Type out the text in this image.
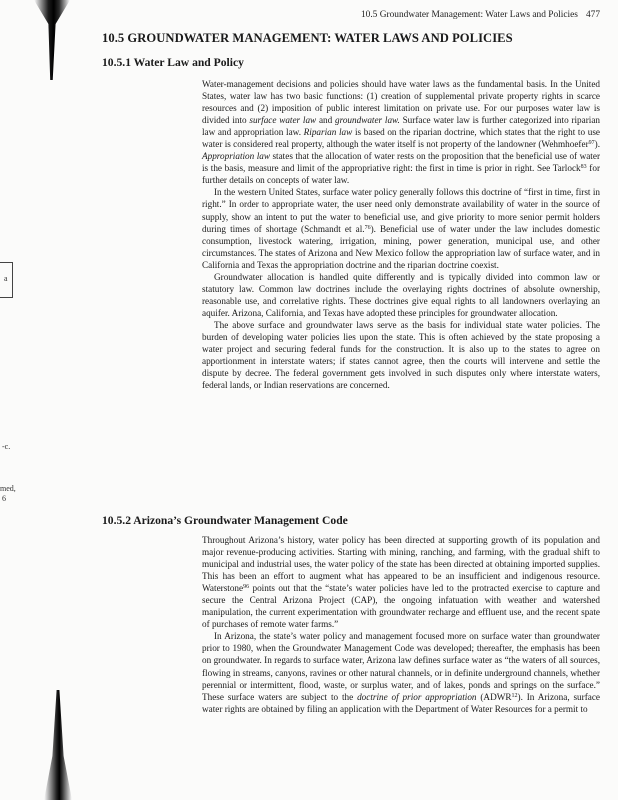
a
-c.
med,
6
10.5 Groundwater Management: Water Laws and Policies 477
10.5 GROUNDWATER MANAGEMENT: WATER LAWS AND POLICIES
10.5.1 Water Law and Policy

Water-management decisions and policies should have water laws as the fundamental basis. In the United States, water law has two basic functions: (1) creation of supplemental private property rights in scarce resources and (2) imposition of public interest limitation on private use. For our purposes water law is divided into surface water law and groundwater law. Surface water law is further categorized into riparian law and appropriation law. Riparian law is based on the riparian doctrine, which states that the right to use water is considered real property, although the water itself is not property of the landowner (Wehmhoefer$^{97}$). Appropriation law states that the allocation of water rests on the proposition that the beneficial use of water is the basis, measure and limit of the appropriative right: the first in time is prior in right. See Tarlock$^{83}$ for further details on concepts of water law.

In the western United States, surface water policy generally follows this doctrine of “first in time, first in right.” In order to appropriate water, the user need only demonstrate availability of water in the source of supply, show an intent to put the water to beneficial use, and give priority to more senior permit holders during times of shortage (Schmandt et al.$^{76}$). Beneficial use of water under the law includes domestic consumption, livestock watering, irrigation, mining, power generation, municipal use, and other circumstances. The states of Arizona and New Mexico follow the appropriation law of surface water, and in California and Texas the appropriation doctrine and the riparian doctrine coexist.

Groundwater allocation is handled quite differently and is typically divided into common law or statutory law. Common law doctrines include the overlaying rights doctrines of absolute ownership, reasonable use, and correlative rights. These doctrines give equal rights to all landowners overlaying an aquifer. Arizona, California, and Texas have adopted these principles for groundwater allocation.

The above surface and groundwater laws serve as the basis for individual state water policies. The burden of developing water policies lies upon the state. This is often achieved by the state proposing a water project and securing federal funds for the construction. It is also up to the states to agree on apportionment in interstate waters; if states cannot agree, then the courts will intervene and settle the dispute by decree. The federal government gets involved in such disputes only where interstate waters, federal lands, or Indian reservations are concerned.

10.5.2 Arizona’s Groundwater Management Code

Throughout Arizona’s history, water policy has been directed at supporting growth of its population and major revenue-producing activities. Starting with mining, ranching, and farming, with the gradual shift to municipal and industrial uses, the water policy of the state has been directed at obtaining imported supplies. This has been an effort to augment what has appeared to be an insufficient and indigenous resource. Waterstone$^{96}$ points out that the “state’s water policies have led to the protracted exercise to capture and secure the Central Arizona Project (CAP), the ongoing infatuation with weather and watershed manipulation, the current experimentation with groundwater recharge and effluent use, and the recent spate of purchases of remote water farms.”

In Arizona, the state’s water policy and management focused more on surface water than groundwater prior to 1980, when the Groundwater Management Code was developed; thereafter, the emphasis has been on groundwater. In regards to surface water, Arizona law defines surface water as “the waters of all sources, flowing in streams, canyons, ravines or other natural channels, or in definite underground channels, whether perennial or intermittent, flood, waste, or surplus water, and of lakes, ponds and springs on the surface.” These surface waters are subject to the doctrine of prior appropriation (ADWR$^{12}$). In Arizona, surface water rights are obtained by filing an application with the Department of Water Resources for a permit to
